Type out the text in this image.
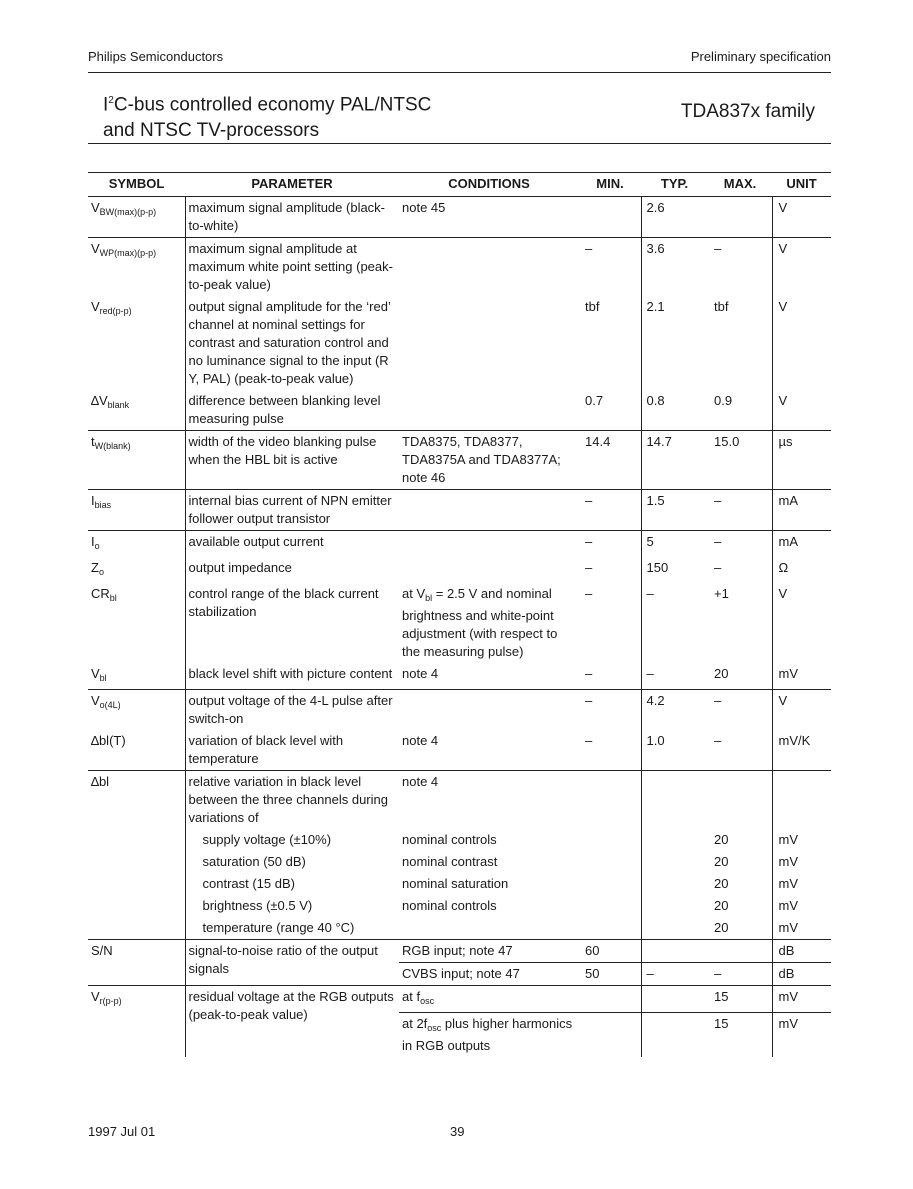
Philips Semiconductors	Preliminary specification
$I^2C$-bus controlled economy PAL/NTSC
and NTSC TV-processors
TDA837x family
SYMBOL	PARAMETER	CONDITIONS	MIN.	TYP.	MAX.	UNIT
$V_{BW(max)(p-p)}$	maximum signal amplitude (black-to-white)	note 45		2.6		V
$V_{WP(max)(p-p)}$	maximum signal amplitude at maximum white point setting (peak-to-peak value)		–	3.6	–	V
$V_{red(p-p)}$	output signal amplitude for the ‘red’ channel at nominal settings for contrast and saturation control and no luminance signal to the input (R Y, PAL) (peak-to-peak value)		tbf	2.1	tbf	V
$\Delta V_{blank}$	difference between blanking level measuring pulse		0.7	0.8	0.9	V
$t_{W(blank)}$	width of the video blanking pulse when the HBL bit is active	TDA8375, TDA8377, TDA8375A and TDA8377A; note 46	14.4	14.7	15.0	µs
$I_{bias}$	internal bias current of NPN emitter follower output transistor		–	1.5	–	mA
$I_o$	available output current		–	5	–	mA
$Z_o$	output impedance		–	150	–	Ω
$CR_{bl}$	control range of the black current stabilization	at $V_{bl} = 2.5$ V and nominal brightness and white-point adjustment (with respect to the measuring pulse)	–	–	+1	V
$V_{bl}$	black level shift with picture content	note 4	–	–	20	mV
$V_{o(4L)}$	output voltage of the 4-L pulse after switch-on		–	4.2	–	V
∆bl(T)	variation of black level with temperature	note 4	–	1.0	–	mV/K
∆bl	relative variation in black level between the three channels during variations of	note 4				
	supply voltage (±10%)	nominal controls			20	mV
	saturation (50 dB)	nominal contrast			20	mV
	contrast (15 dB)	nominal saturation			20	mV
	brightness (±0.5 V)	nominal controls			20	mV
	temperature (range 40 °C)				20	mV
S/N	signal-to-noise ratio of the output signals	RGB input; note 47	60			dB
		CVBS input; note 47	50	–	–	dB
$V_{r(p-p)}$	residual voltage at the RGB outputs (peak-to-peak value)	at $f_{osc}$			15	mV
		at $2f_{osc}$ plus higher harmonics in RGB outputs			15	mV
1997 Jul 01	39
